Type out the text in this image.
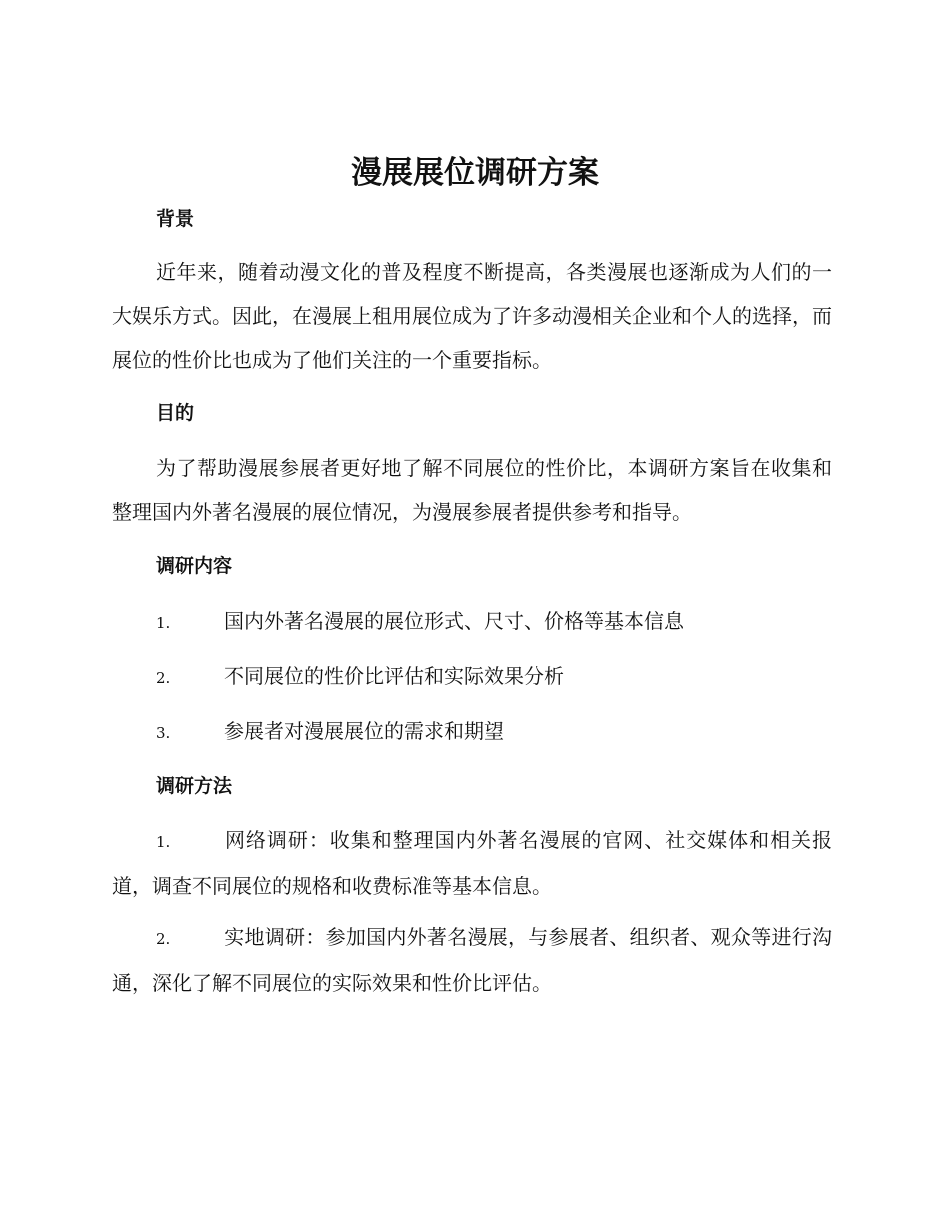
漫展展位调研方案
背景

近年来，随着动漫文化的普及程度不断提高，各类漫展也逐渐成为人们的一大娱乐方式。因此，在漫展上租用展位成为了许多动漫相关企业和个人的选择，而展位的性价比也成为了他们关注的一个重要指标。

目的

为了帮助漫展参展者更好地了解不同展位的性价比，本调研方案旨在收集和整理国内外著名漫展的展位情况，为漫展参展者提供参考和指导。

调研内容

1.	国内外著名漫展的展位形式、尺寸、价格等基本信息

2.	不同展位的性价比评估和实际效果分析

3.	参展者对漫展展位的需求和期望

调研方法

1.	网络调研：收集和整理国内外著名漫展的官网、社交媒体和相关报道，调查不同展位的规格和收费标准等基本信息。

2.	实地调研：参加国内外著名漫展，与参展者、组织者、观众等进行沟通，深化了解不同展位的实际效果和性价比评估。
